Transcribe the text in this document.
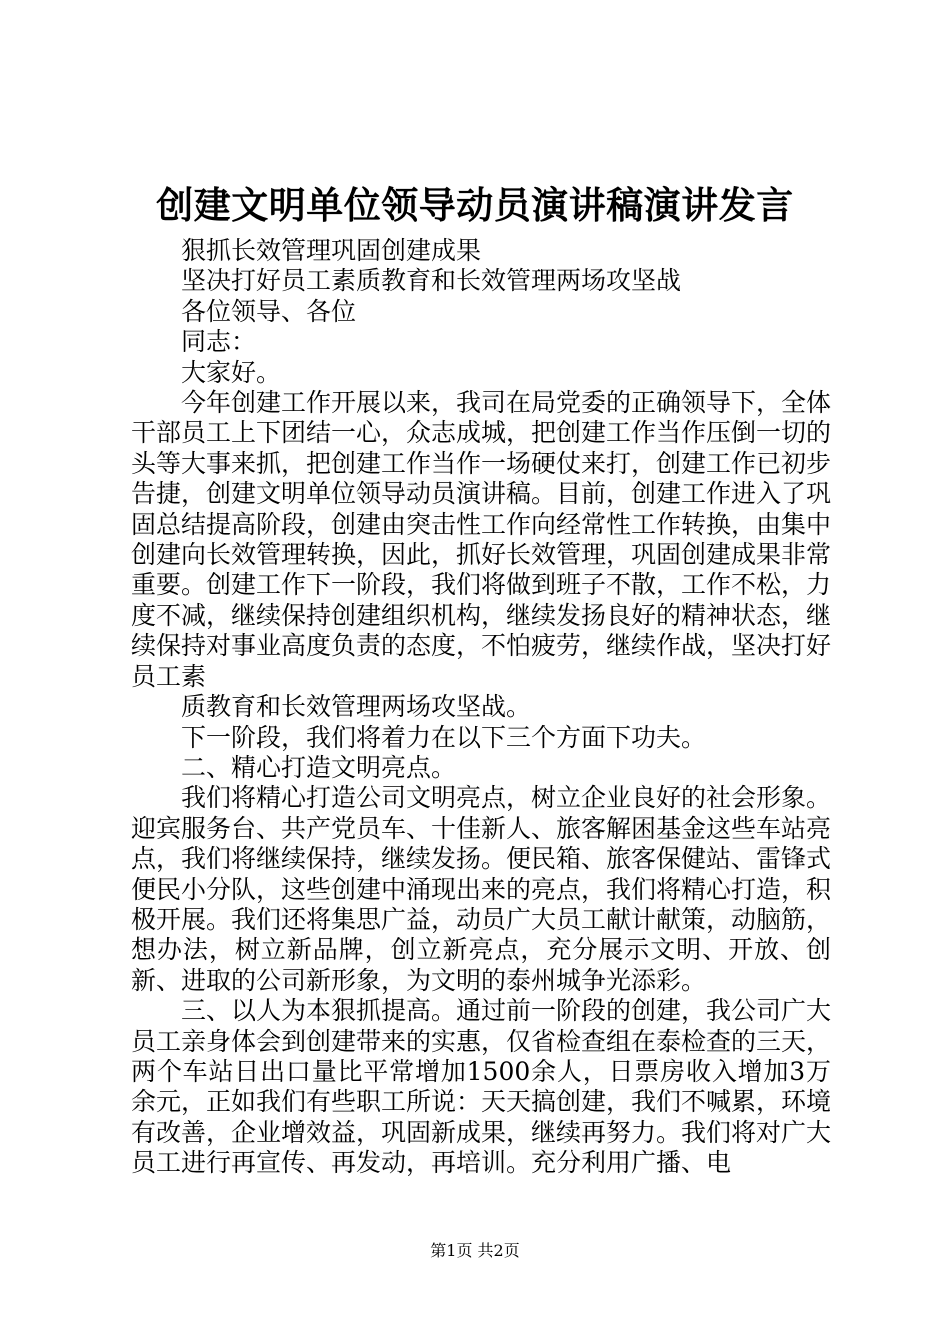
创建文明单位领导动员演讲稿演讲发言

狠抓长效管理巩固创建成果

坚决打好员工素质教育和长效管理两场攻坚战

各位领导、各位

同志：

大家好。

今年创建工作开展以来，我司在局党委的正确领导下，全体干部员工上下团结一心，众志成城，把创建工作当作压倒一切的头等大事来抓，把创建工作当作一场硬仗来打，创建工作已初步告捷，创建文明单位领导动员演讲稿。目前，创建工作进入了巩固总结提高阶段，创建由突击性工作向经常性工作转换，由集中创建向长效管理转换，因此，抓好长效管理，巩固创建成果非常重要。创建工作下一阶段，我们将做到班子不散，工作不松，力度不减，继续保持创建组织机构，继续发扬良好的精神状态，继续保持对事业高度负责的态度，不怕疲劳，继续作战，坚决打好员工素

质教育和长效管理两场攻坚战。

下一阶段，我们将着力在以下三个方面下功夫。

二、精心打造文明亮点。

我们将精心打造公司文明亮点，树立企业良好的社会形象。迎宾服务台、共产党员车、十佳新人、旅客解困基金这些车站亮点，我们将继续保持，继续发扬。便民箱、旅客保健站、雷锋式便民小分队，这些创建中涌现出来的亮点，我们将精心打造，积极开展。我们还将集思广益，动员广大员工献计献策，动脑筋，想办法，树立新品牌，创立新亮点，充分展示文明、开放、创新、进取的公司新形象，为文明的泰州城争光添彩。

三、以人为本狠抓提高。通过前一阶段的创建，我公司广大员工亲身体会到创建带来的实惠，仅省检查组在泰检查的三天，两个车站日出口量比平常增加1500余人，日票房收入增加3万余元，正如我们有些职工所说：天天搞创建，我们不喊累，环境有改善，企业增效益，巩固新成果，继续再努力。我们将对广大员工进行再宣传、再发动，再培训。充分利用广播、电

第1页 共2页
